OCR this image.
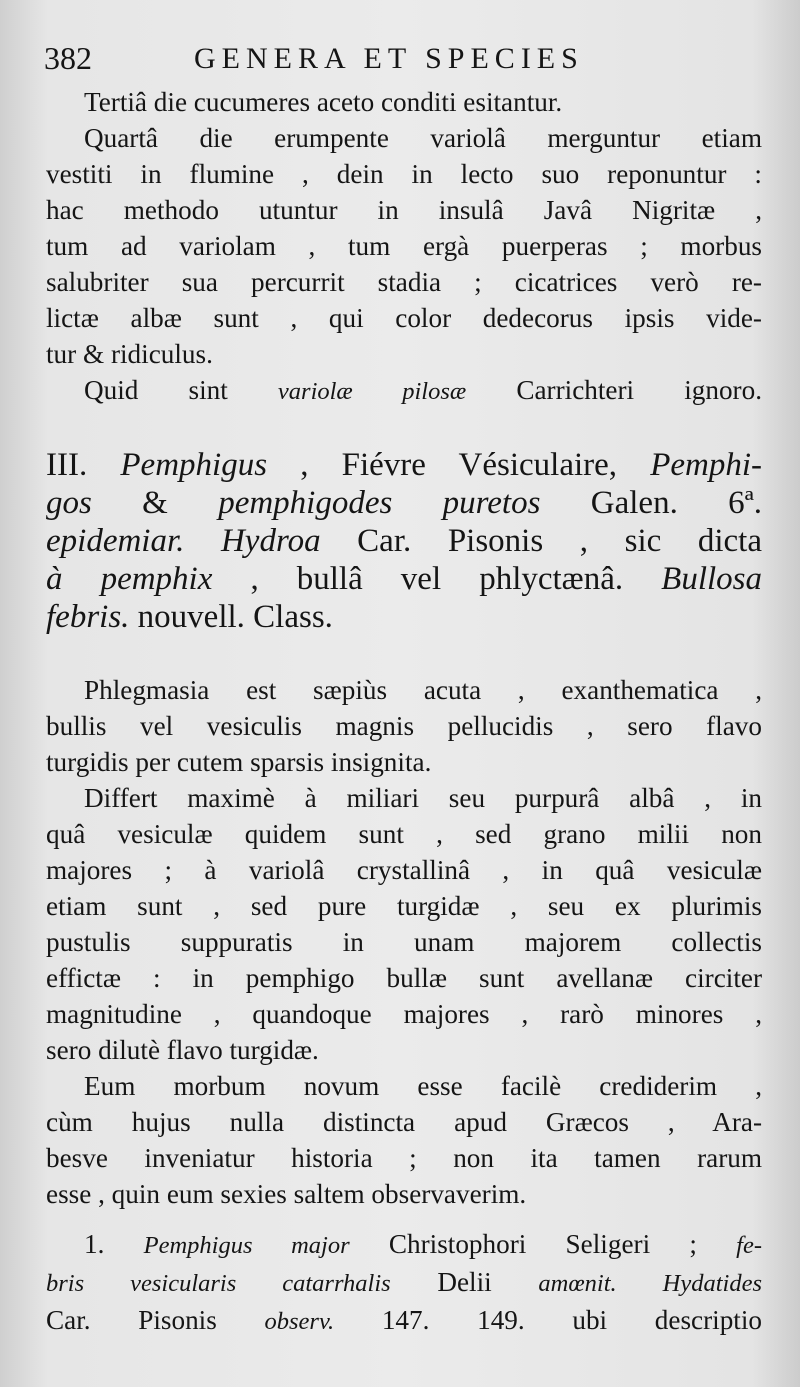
382	GENERA ET SPECIES

Tertiâ die cucumeres aceto conditi esitantur.

Quartâ die erumpente variolâ merguntur etiam

vestiti in flumine , dein in lecto suo reponuntur :

hac methodo utuntur in insulâ Javâ Nigritæ ,

tum ad variolam , tum ergà puerperas ; morbus

salubriter sua percurrit stadia ; cicatrices verò re-

lictæ albæ sunt , qui color dedecorus ipsis vide-

tur & ridiculus.

Quid sint variolæ pilosæ Carrichteri ignoro.

III. Pemphigus , Fiévre Vésiculaire, Pemphi-

gos & pemphigodes puretos Galen. 6ª.

epidemiar. Hydroa Car. Pisonis , sic dicta

à pemphix , bullâ vel phlyctænâ. Bullosa

febris. nouvell. Class.

Phlegmasia est sæpiùs acuta , exanthematica ,

bullis vel vesiculis magnis pellucidis , sero flavo

turgidis per cutem sparsis insignita.

Differt maximè à miliari seu purpurâ albâ , in

quâ vesiculæ quidem sunt , sed grano milii non

majores ; à variolâ crystallinâ , in quâ vesiculæ

etiam sunt , sed pure turgidæ , seu ex plurimis

pustulis suppuratis in unam majorem collectis

effictæ : in pemphigo bullæ sunt avellanæ circiter

magnitudine , quandoque majores , rarò minores ,

sero dilutè flavo turgidæ.

Eum morbum novum esse facilè crediderim ,

cùm hujus nulla distincta apud Græcos , Ara-

besve inveniatur historia ; non ita tamen rarum

esse , quin eum sexies saltem observaverim.

1. Pemphigus major Christophori Seligeri ; fe-

bris vesicularis catarrhalis Delii amœnit. Hydatides

Car. Pisonis observ. 147. 149. ubi descriptio
